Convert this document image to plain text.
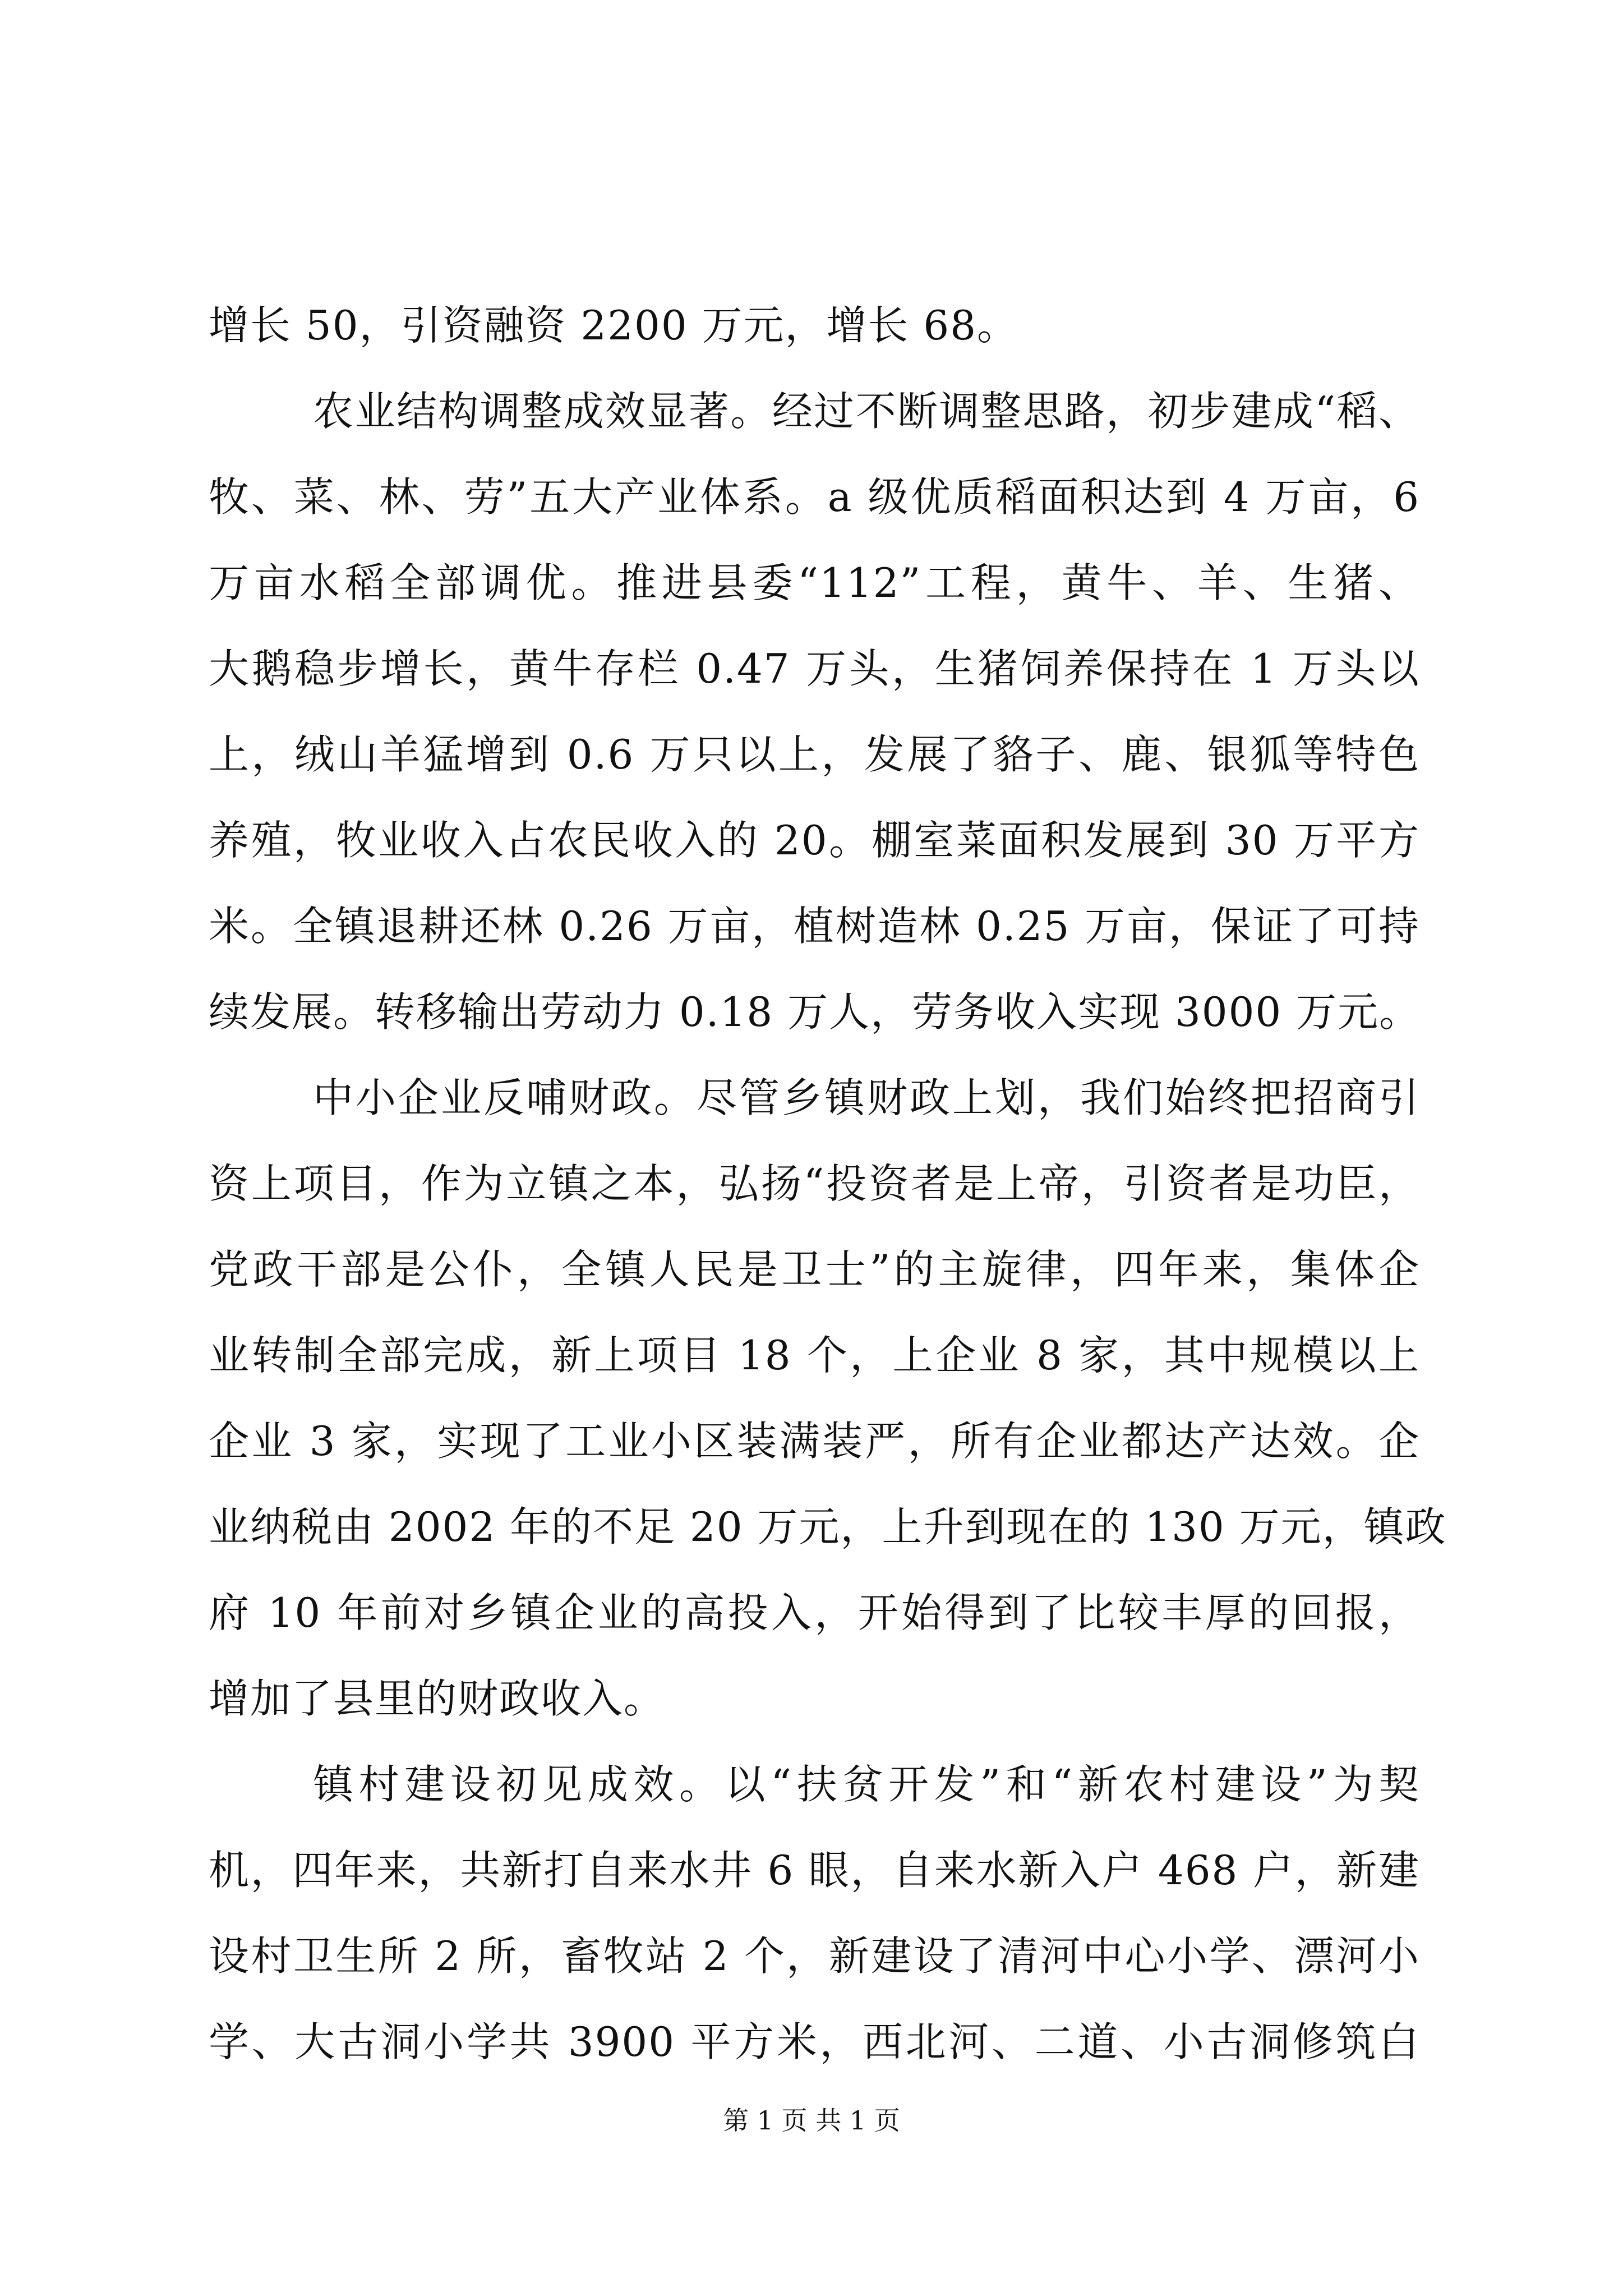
增长 50，引资融资 2200 万元，增长 68。
农业结构调整成效显著。经过不断调整思路，初步建成“稻、
牧、菜、林、劳”五大产业体系。a 级优质稻面积达到 4 万亩，6
万亩水稻全部调优。推进县委“112”工程，黄牛、羊、生猪、
大鹅稳步增长，黄牛存栏 0.47 万头，生猪饲养保持在 1 万头以
上，绒山羊猛增到 0.6 万只以上，发展了貉子、鹿、银狐等特色
养殖，牧业收入占农民收入的 20。棚室菜面积发展到 30 万平方
米。全镇退耕还林 0.26 万亩，植树造林 0.25 万亩，保证了可持
续发展。转移输出劳动力 0.18 万人，劳务收入实现 3000 万元。
中小企业反哺财政。尽管乡镇财政上划，我们始终把招商引
资上项目，作为立镇之本，弘扬“投资者是上帝，引资者是功臣，
党政干部是公仆，全镇人民是卫士”的主旋律，四年来，集体企
业转制全部完成，新上项目 18 个，上企业 8 家，其中规模以上
企业 3 家，实现了工业小区装满装严，所有企业都达产达效。企
业纳税由 2002 年的不足 20 万元，上升到现在的 130 万元，镇政
府 10 年前对乡镇企业的高投入，开始得到了比较丰厚的回报，
增加了县里的财政收入。
镇村建设初见成效。以“扶贫开发”和“新农村建设”为契
机，四年来，共新打自来水井 6 眼，自来水新入户 468 户，新建
设村卫生所 2 所，畜牧站 2 个，新建设了清河中心小学、漂河小
学、大古洞小学共 3900 平方米，西北河、二道、小古洞修筑白
第 1 页 共 1 页
